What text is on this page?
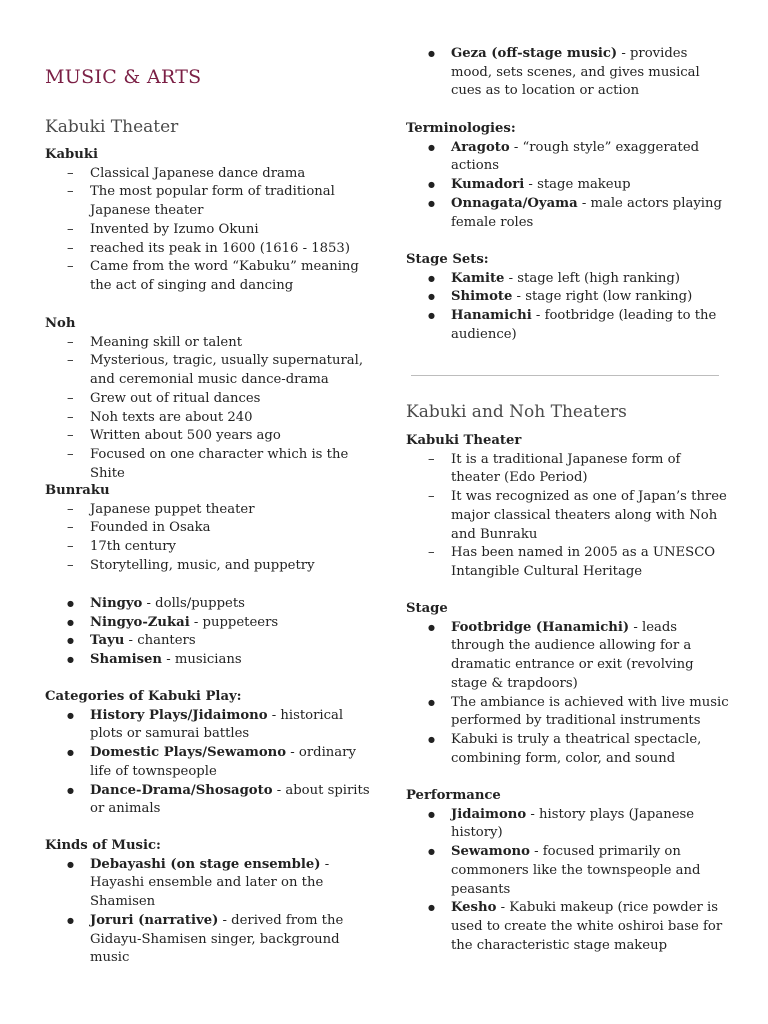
MUSIC & ARTS
Kabuki Theater
Kabuki
– Classical Japanese dance drama
– The most popular form of traditional Japanese theater
– Invented by Izumo Okuni
– reached its peak in 1600 (1616 - 1853)
– Came from the word “Kabuku” meaning the act of singing and dancing
Noh
– Meaning skill or talent
– Mysterious, tragic, usually supernatural, and ceremonial music dance-drama
– Grew out of ritual dances
– Noh texts are about 240
– Written about 500 years ago
– Focused on one character which is the Shite
Bunraku
– Japanese puppet theater
– Founded in Osaka
– 17th century
– Storytelling, music, and puppetry
● Ningyo - dolls/puppets
● Ningyo-Zukai - puppeteers
● Tayu - chanters
● Shamisen - musicians
Categories of Kabuki Play:
● History Plays/Jidaimono - historical plots or samurai battles
● Domestic Plays/Sewamono - ordinary life of townspeople
● Dance-Drama/Shosagoto - about spirits or animals
Kinds of Music:
● Debayashi (on stage ensemble) - Hayashi ensemble and later on the Shamisen
● Joruri (narrative) - derived from the Gidayu-Shamisen singer, background music
● Geza (off-stage music) - provides mood, sets scenes, and gives musical cues as to location or action
Terminologies:
● Aragoto - “rough style” exaggerated actions
● Kumadori - stage makeup
● Onnagata/Oyama - male actors playing female roles
Stage Sets:
● Kamite - stage left (high ranking)
● Shimote - stage right (low ranking)
● Hanamichi - footbridge (leading to the audience)
Kabuki and Noh Theaters
Kabuki Theater
– It is a traditional Japanese form of theater (Edo Period)
– It was recognized as one of Japan’s three major classical theaters along with Noh and Bunraku
– Has been named in 2005 as a UNESCO Intangible Cultural Heritage
Stage
● Footbridge (Hanamichi) - leads through the audience allowing for a dramatic entrance or exit (revolving stage & trapdoors)
● The ambiance is achieved with live music performed by traditional instruments
● Kabuki is truly a theatrical spectacle, combining form, color, and sound
Performance
● Jidaimono - history plays (Japanese history)
● Sewamono - focused primarily on commoners like the townspeople and peasants
● Kesho - Kabuki makeup (rice powder is used to create the white oshiroi base for the characteristic stage makeup
